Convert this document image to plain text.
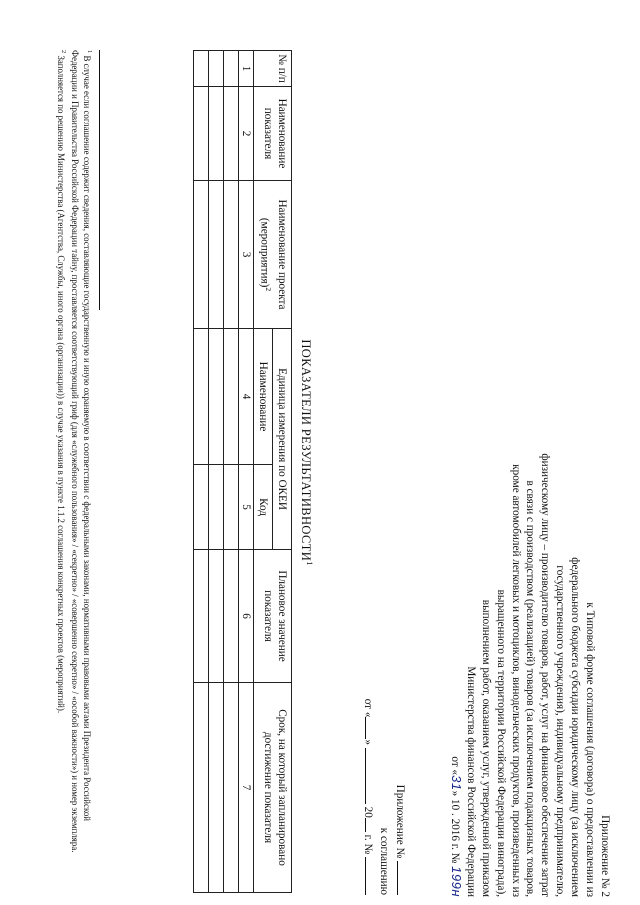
Приложение № 2
к Типовой форме соглашения (договора) о предоставлении из
федерального бюджета субсидии юридическому лицу (за исключением
государственного учреждения), индивидуальному предпринимателю,
физическому лицу – производителю товаров, работ, услуг на финансовое обеспечение затрат
в связи с производством (реализацией) товаров (за исключением подакцизных товаров,
кроме автомобилей легковых и мотоциклов, винодельческих продуктов, произведенных из
выращенного на территории Российской Федерации винограда),
выполнением работ, оказанием услуг, утвержденной приказом
Министерства финансов Российской Федерации
от «31» 10 . 2016 г. № 199н
Приложение №
к соглашению
от «»  20 г. №
ПОКАЗАТЕЛИ РЕЗУЛЬТАТИВНОСТИ$^1$
№ п/п	Наименование показателя	Наименование проекта (мероприятия)$^2$	Единица измерения по ОКЕИ		Плановое значение показателя	Срок, на который запланировано достижение показателя
			Наименование	Код		
1	2	3	4	5	6	7

$^1$ В случае если соглашение содержит сведения, составляющие государственную и иную охраняемую в соответствии с федеральными законами, нормативными правовыми актами Президента Российской Федерации и Правительства Российской Федерации тайну, проставляется соответствующий гриф (для «служебного пользования» / «секретно» / «совершенно секретно» / «особой важности») и номер экземпляра.

$^2$ Заполняется по решению Министерства (Агентства, Службы, иного органа (организации)) в случае указания в пункте 1.1.2 соглашения конкретных проектов (мероприятий).
